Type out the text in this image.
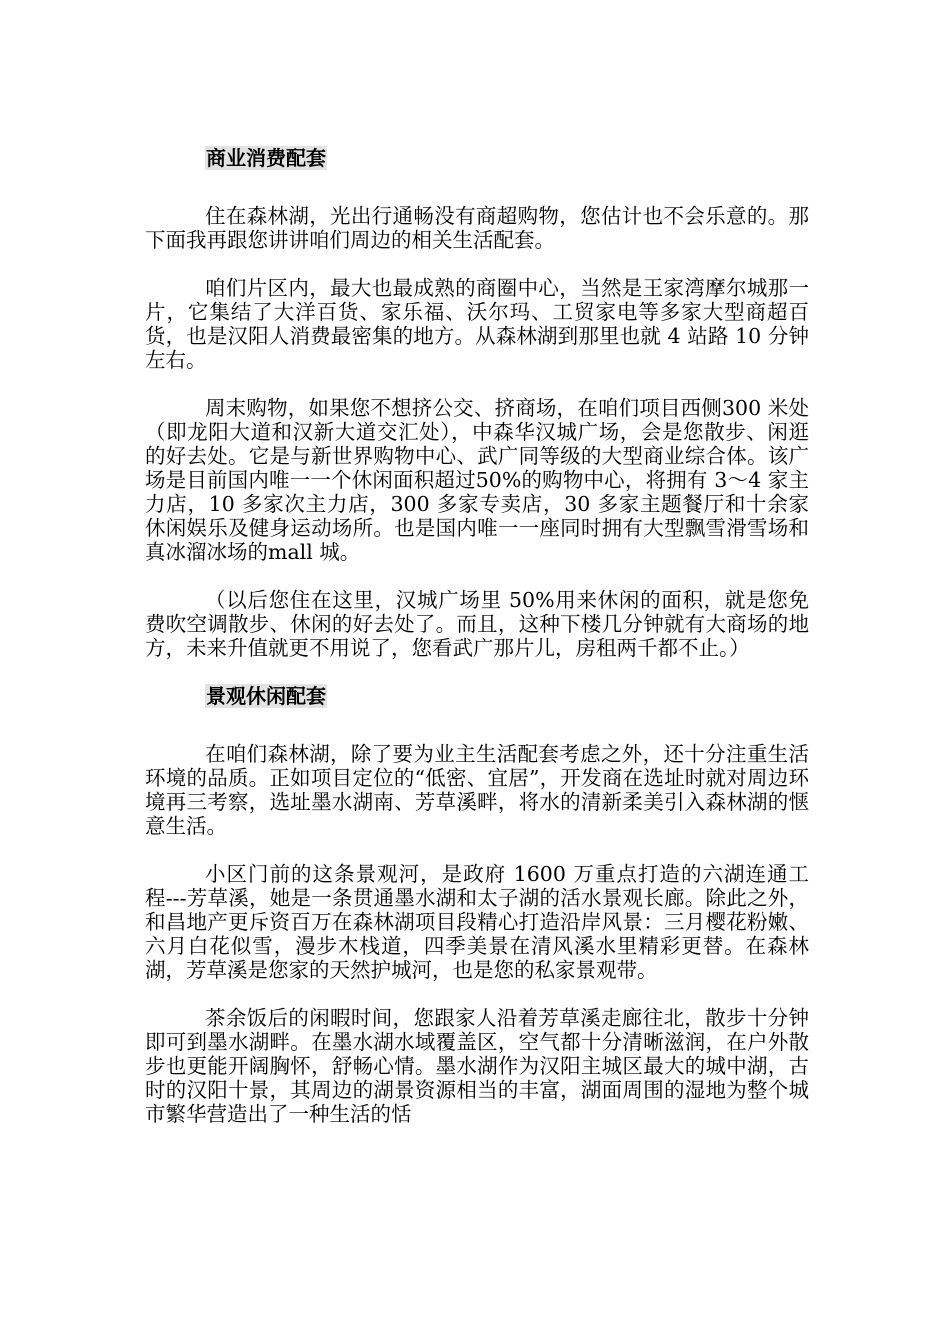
商业消费配套

住在森林湖，光出行通畅没有商超购物，您估计也不会乐意的。那下面我再跟您讲讲咱们周边的相关生活配套。

咱们片区内，最大也最成熟的商圈中心，当然是王家湾摩尔城那一片，它集结了大洋百货、家乐福、沃尔玛、工贸家电等多家大型商超百货，也是汉阳人消费最密集的地方。从森林湖到那里也就 4 站路 10 分钟左右。

周末购物，如果您不想挤公交、挤商场，在咱们项目西侧300 米处（即龙阳大道和汉新大道交汇处），中森华汉城广场，会是您散步、闲逛的好去处。它是与新世界购物中心、武广同等级的大型商业综合体。该广场是目前国内唯一一个休闲面积超过50%的购物中心，将拥有 3～4 家主力店，10 多家次主力店，300 多家专卖店，30 多家主题餐厅和十余家休闲娱乐及健身运动场所。也是国内唯一一座同时拥有大型飘雪滑雪场和真冰溜冰场的mall 城。

（以后您住在这里，汉城广场里 50%用来休闲的面积，就是您免费吹空调散步、休闲的好去处了。而且，这种下楼几分钟就有大商场的地方，未来升值就更不用说了，您看武广那片儿，房租两千都不止。）

景观休闲配套

在咱们森林湖，除了要为业主生活配套考虑之外，还十分注重生活环境的品质。正如项目定位的“低密、宜居”，开发商在选址时就对周边环境再三考察，选址墨水湖南、芳草溪畔，将水的清新柔美引入森林湖的惬意生活。

小区门前的这条景观河，是政府 1600 万重点打造的六湖连通工程---芳草溪，她是一条贯通墨水湖和太子湖的活水景观长廊。除此之外，和昌地产更斥资百万在森林湖项目段精心打造沿岸风景：三月樱花粉嫩、六月白花似雪，漫步木栈道，四季美景在清风溪水里精彩更替。在森林湖，芳草溪是您家的天然护城河，也是您的私家景观带。

茶余饭后的闲暇时间，您跟家人沿着芳草溪走廊往北，散步十分钟即可到墨水湖畔。在墨水湖水域覆盖区，空气都十分清晰滋润，在户外散步也更能开阔胸怀，舒畅心情。墨水湖作为汉阳主城区最大的城中湖，古时的汉阳十景，其周边的湖景资源相当的丰富，湖面周围的湿地为整个城市繁华营造出了一种生活的恬
